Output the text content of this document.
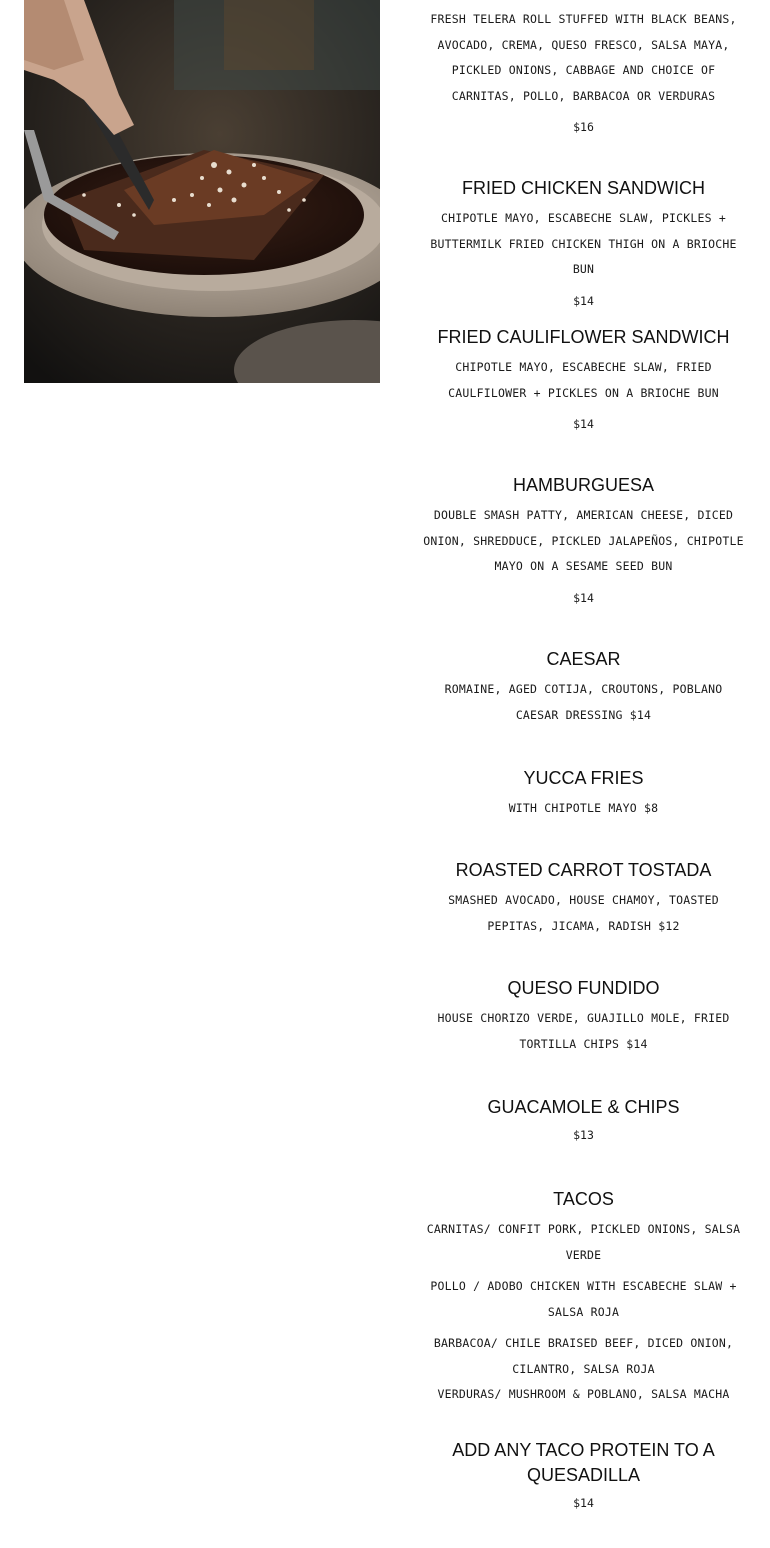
FRESH TELERA ROLL STUFFED WITH BLACK BEANS, AVOCADO, CREMA, QUESO FRESCO, SALSA MAYA, PICKLED ONIONS, CABBAGE AND CHOICE OF CARNITAS, POLLO, BARBACOA OR VERDURAS

$16

FRIED CHICKEN SANDWICH

CHIPOTLE MAYO, ESCABECHE SLAW, PICKLES + BUTTERMILK FRIED CHICKEN THIGH ON A BRIOCHE BUN

$14

FRIED CAULIFLOWER SANDWICH

CHIPOTLE MAYO, ESCABECHE SLAW, FRIED CAULFILOWER + PICKLES ON A BRIOCHE BUN

$14

HAMBURGUESA

DOUBLE SMASH PATTY, AMERICAN CHEESE, DICED ONION, SHREDDUCE, PICKLED JALAPEÑOS, CHIPOTLE MAYO ON A SESAME SEED BUN

$14

CAESAR

ROMAINE, AGED COTIJA, CROUTONS, POBLANO CAESAR DRESSING $14

YUCCA FRIES

WITH CHIPOTLE MAYO $8

ROASTED CARROT TOSTADA

SMASHED AVOCADO, HOUSE CHAMOY, TOASTED PEPITAS, JICAMA, RADISH $12

QUESO FUNDIDO

HOUSE CHORIZO VERDE, GUAJILLO MOLE, FRIED TORTILLA CHIPS $14

GUACAMOLE & CHIPS

$13

TACOS

CARNITAS/ CONFIT PORK, PICKLED ONIONS, SALSA VERDE

POLLO / ADOBO CHICKEN WITH ESCABECHE SLAW + SALSA ROJA

BARBACOA/ CHILE BRAISED BEEF, DICED ONION, CILANTRO, SALSA ROJA

VERDURAS/ MUSHROOM & POBLANO, SALSA MACHA

ADD ANY TACO PROTEIN TO A QUESADILLA

$14
